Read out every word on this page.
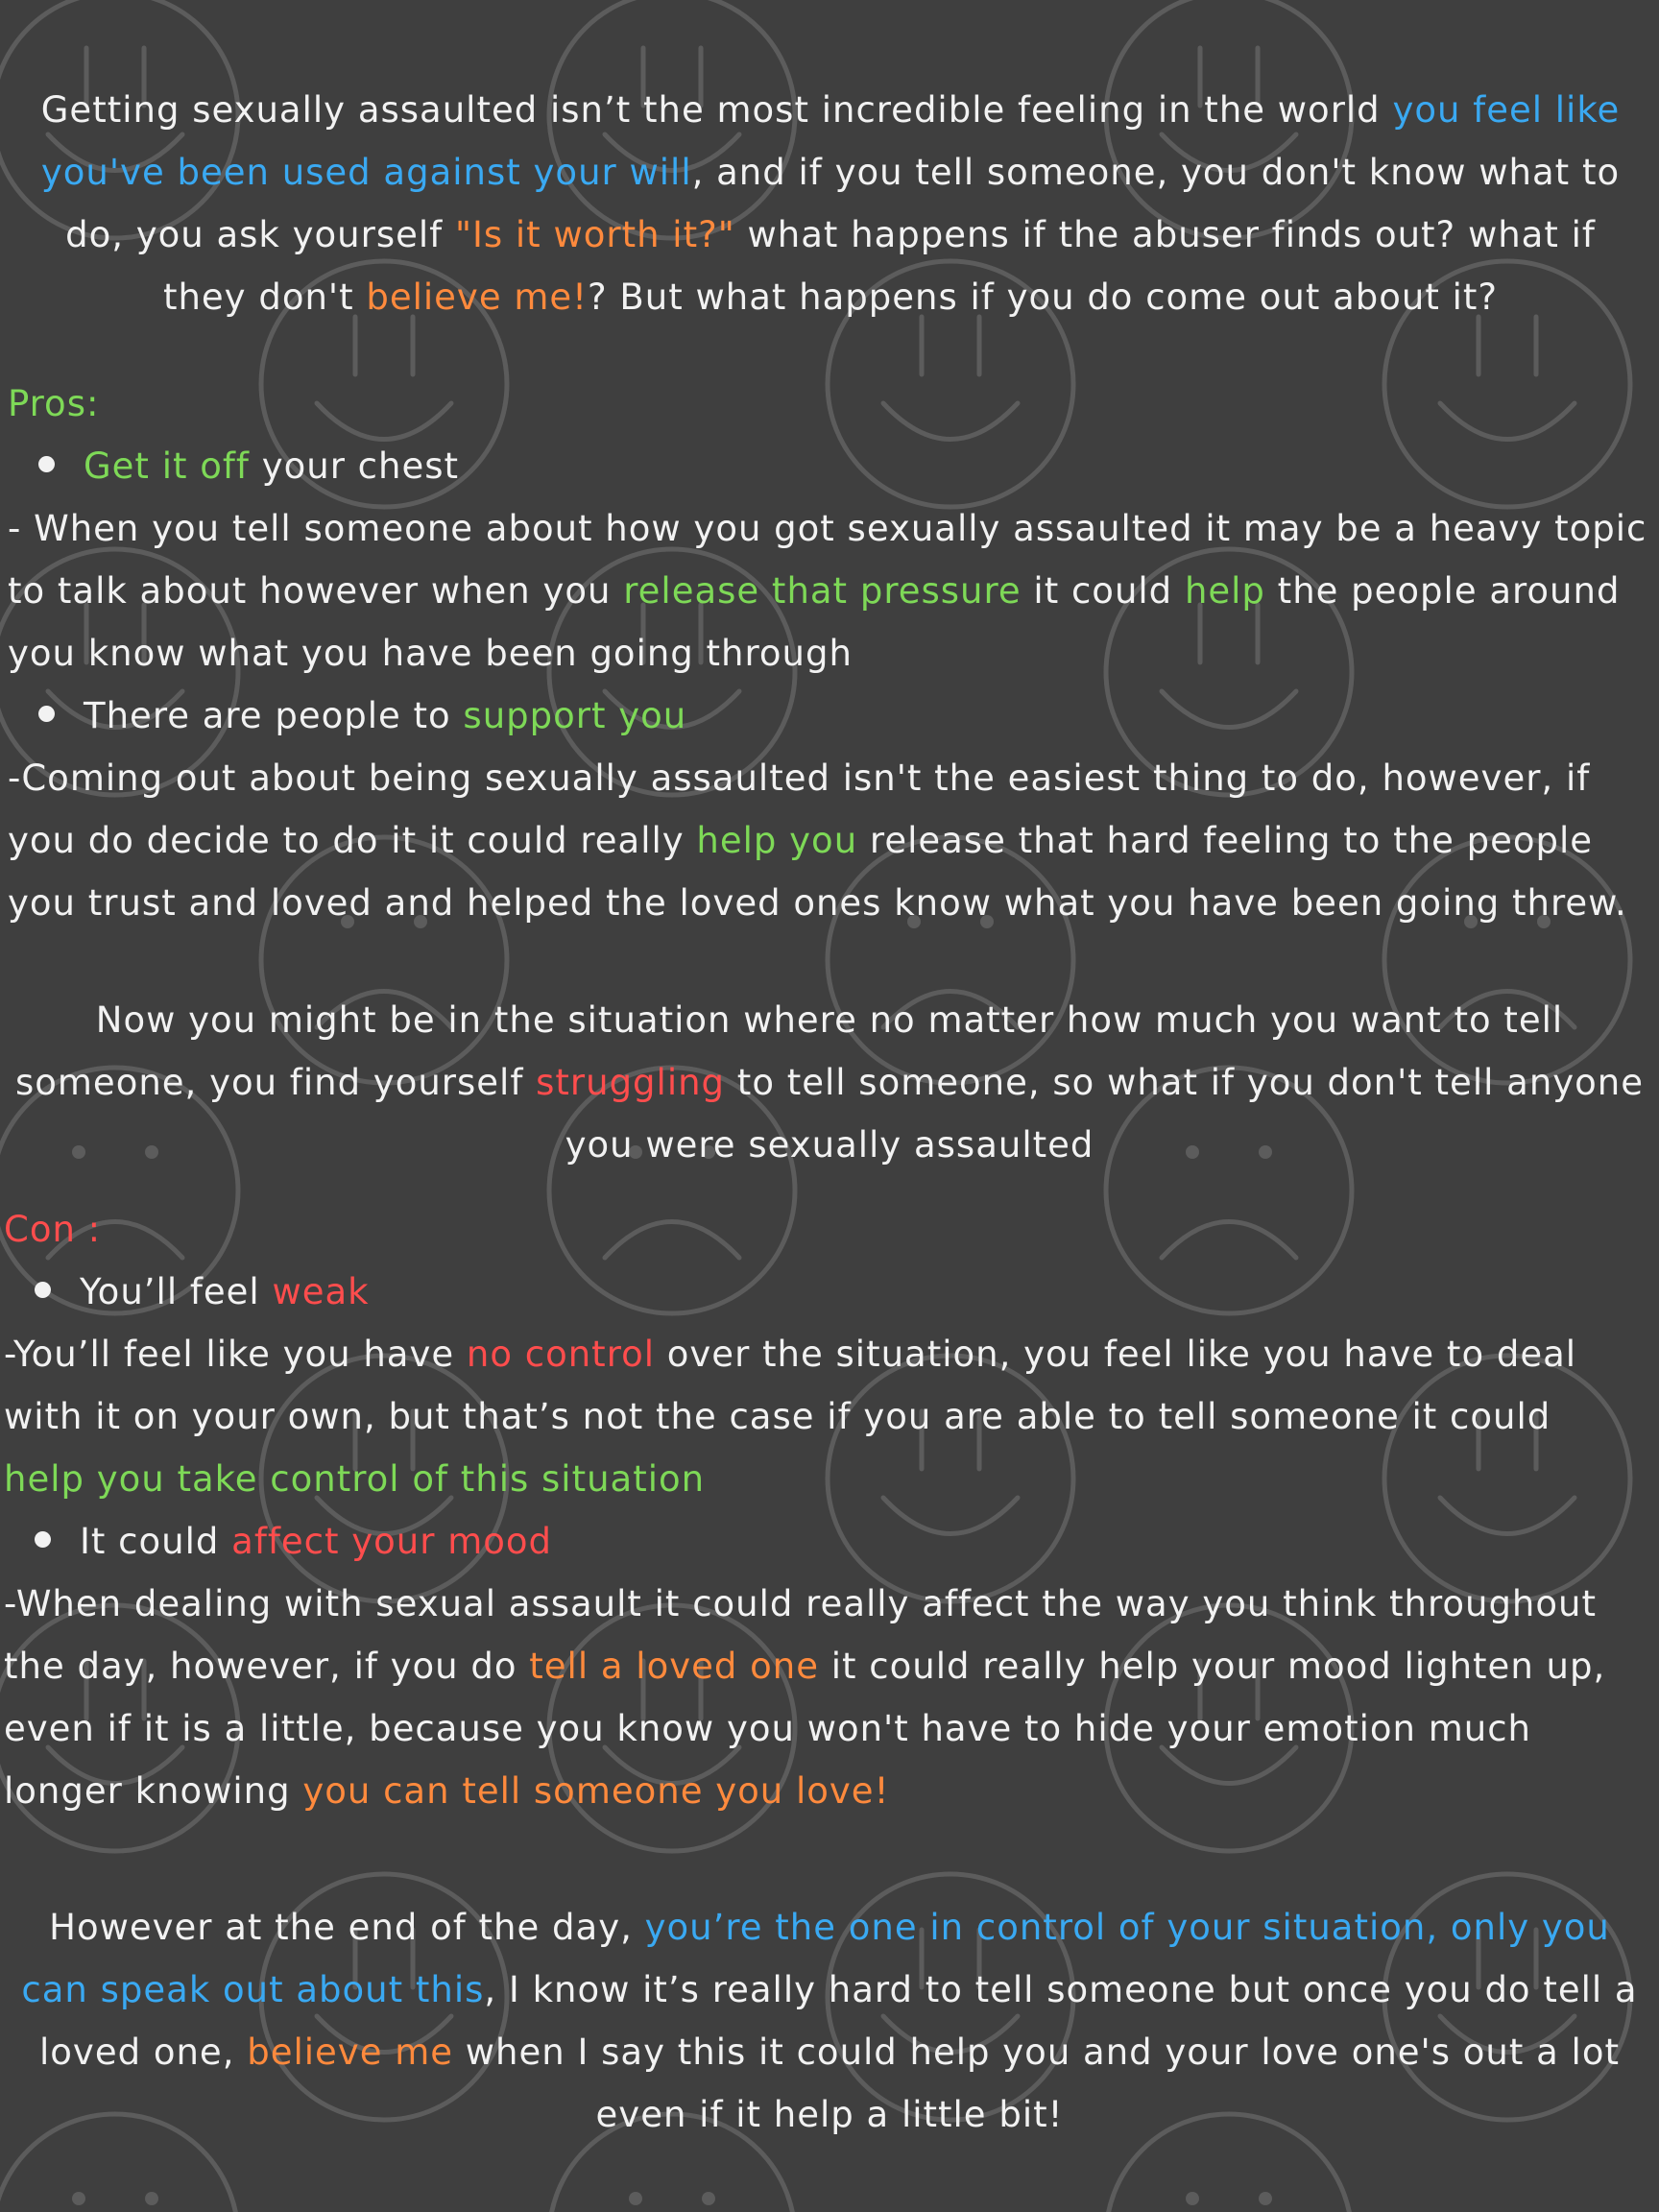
Getting sexually assaulted isn’t the most incredible feeling in the world you feel like you've been used against your will, and if you tell someone, you don't know what to do, you ask yourself "Is it worth it?" what happens if the abuser finds out? what if they don't believe me!? But what happens if you do come out about it?

Pros:

Get it off your chest

- When you tell someone about how you got sexually assaulted it may be a heavy topic to talk about however when you release that pressure it could help the people around you know what you have been going through

There are people to support you

-Coming out about being sexually assaulted isn't the easiest thing to do, however, if you do decide to do it it could really help you release that hard feeling to the people you trust and loved and helped the loved ones know what you have been going threw.

Now you might be in the situation where no matter how much you want to tell someone, you find yourself struggling to tell someone, so what if you don't tell anyone you were sexually assaulted

Con :

You’ll feel weak

-You’ll feel like you have no control over the situation, you feel like you have to deal with it on your own, but that’s not the case if you are able to tell someone it could help you take control of this situation

It could affect your mood

-When dealing with sexual assault it could really affect the way you think throughout the day, however, if you do tell a loved one it could really help your mood lighten up, even if it is a little, because you know you won't have to hide your emotion much longer knowing you can tell someone you love!

However at the end of the day, you’re the one in control of your situation, only you can speak out about this, I know it’s really hard to tell someone but once you do tell a loved one, believe me when I say this it could help you and your love one's out a lot even if it help a little bit!
